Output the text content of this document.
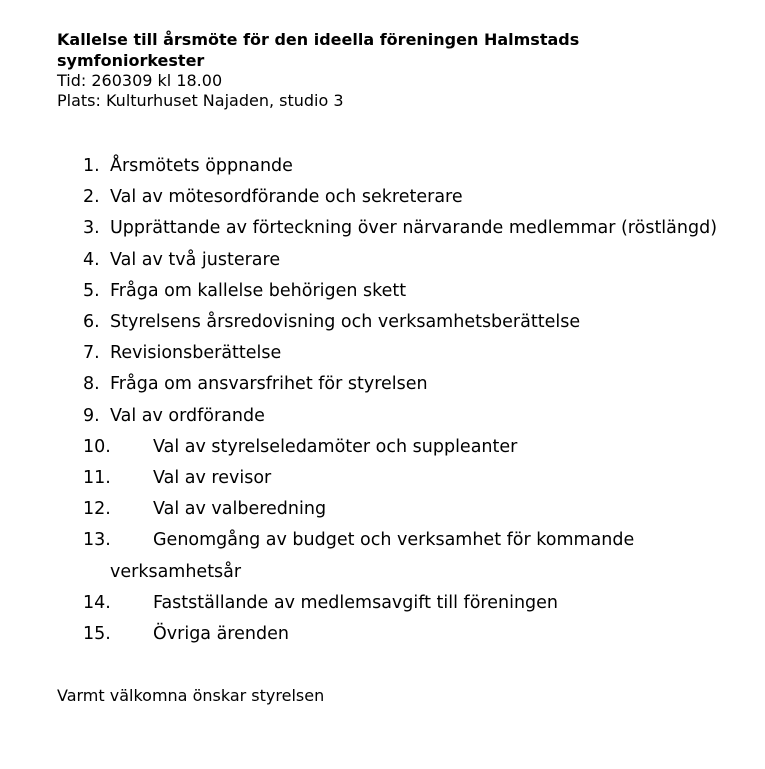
Kallelse till årsmöte för den ideella föreningen Halmstads symfoniorkester

Tid: 260309 kl 18.00

Plats: Kulturhuset Najaden, studio 3

1. Årsmötets öppnande
2. Val av mötesordförande och sekreterare
3. Upprättande av förteckning över närvarande medlemmar (röstlängd)
4. Val av två justerare
5. Fråga om kallelse behörigen skett
6. Styrelsens årsredovisning och verksamhetsberättelse
7. Revisionsberättelse
8. Fråga om ansvarsfrihet för styrelsen
9. Val av ordförande
10. Val av styrelseledamöter och suppleanter
11. Val av revisor
12. Val av valberedning
13. Genomgång av budget och verksamhet för kommande verksamhetsår
14. Fastställande av medlemsavgift till föreningen
15. Övriga ärenden

Varmt välkomna önskar styrelsen
